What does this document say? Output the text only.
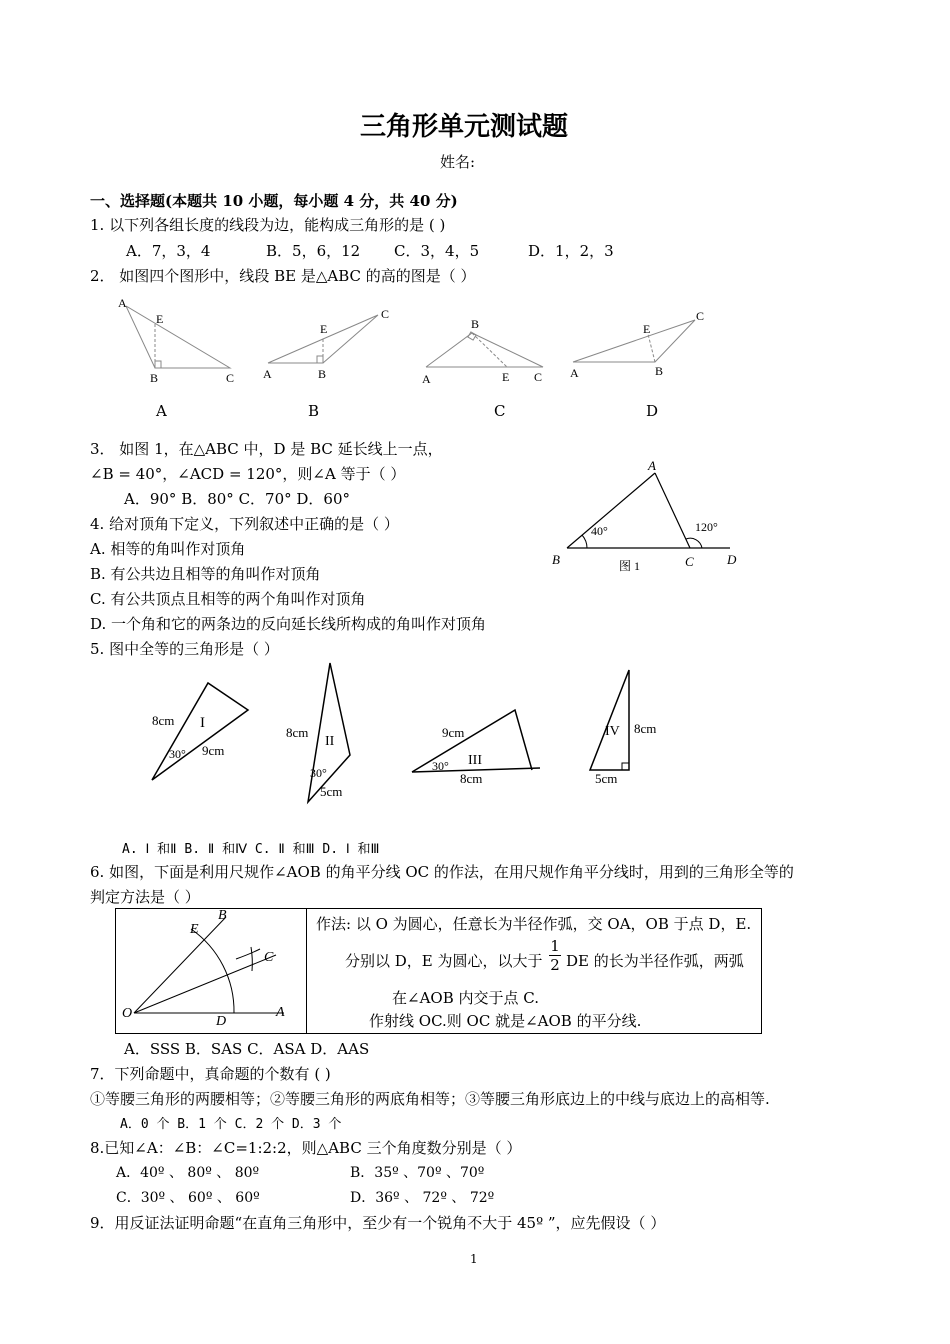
三角形单元测试题
姓名:
一、选择题(本题共 10 小题，每小题 4 分，共 40 分)
1. 以下列各组长度的线段为边，能构成三角形的是 ( )
A．7，3，4	B．5，6，12 C．3，4，5	D．1，2，3
2． 如图四个图形中，线段 BE 是△ABC 的高的图是（ ）
A
E
B	C
E
C
A	B
B
A	E C
E
C
A	B
A	B	C	D
3． 如图 1，在△ABC 中，D 是 BC 延长线上一点，
∠B = 40°，∠ACD = 120°，则∠A 等于（ ）
A．90° B．80° C．70° D．60°
A
B	C	D
40°	120°
图 1
4. 给对顶角下定义，下列叙述中正确的是（ ）
A. 相等的角叫作对顶角
B. 有公共边且相等的角叫作对顶角
C. 有公共顶点且相等的两个角叫作对顶角
D. 一个角和它的两条边的反向延长线所构成的角叫作对顶角
5. 图中全等的三角形是（ ）
8cm I
30° 9cm
8cm
II
30°
5cm
9cm
III
30°
8cm
IV 8cm
5cm
A. Ⅰ 和Ⅱ B. Ⅱ 和Ⅳ C. Ⅱ 和Ⅲ D. Ⅰ 和Ⅲ
6. 如图，下面是利用尺规作∠AOB 的角平分线 OC 的作法，在用尺规作角平分线时，用到的三角形全等的
判定方法是（ ）
B
E
C
O
D
A
作法: 以 O 为圆心，任意长为半径作弧，交 OA，OB 于点 D，E.
分别以 D，E 为圆心，以大于 $\frac{1}{2}$ DE 的长为半径作弧，两弧
在∠AOB 内交于点 C.
作射线 OC.则 OC 就是∠AOB 的平分线.
A．SSS B．SAS C．ASA D．AAS
7．下列命题中，真命题的个数有 ( )
①等腰三角形的两腰相等；②等腰三角形的两底角相等；③等腰三角形底边上的中线与底边上的高相等.
A．0 个 B．1 个 C．2 个 D．3 个
8.已知∠A：∠B：∠C=1:2:2，则△ABC 三个角度数分别是（ ）
A．40º 、 80º 、 80º	B．35º 、70º 、70º
C．30º 、 60º 、 60º	D．36º 、 72º 、 72º
9．用反证法证明命题“在直角三角形中，至少有一个锐角不大于 45º ”，应先假设（ ）
1
